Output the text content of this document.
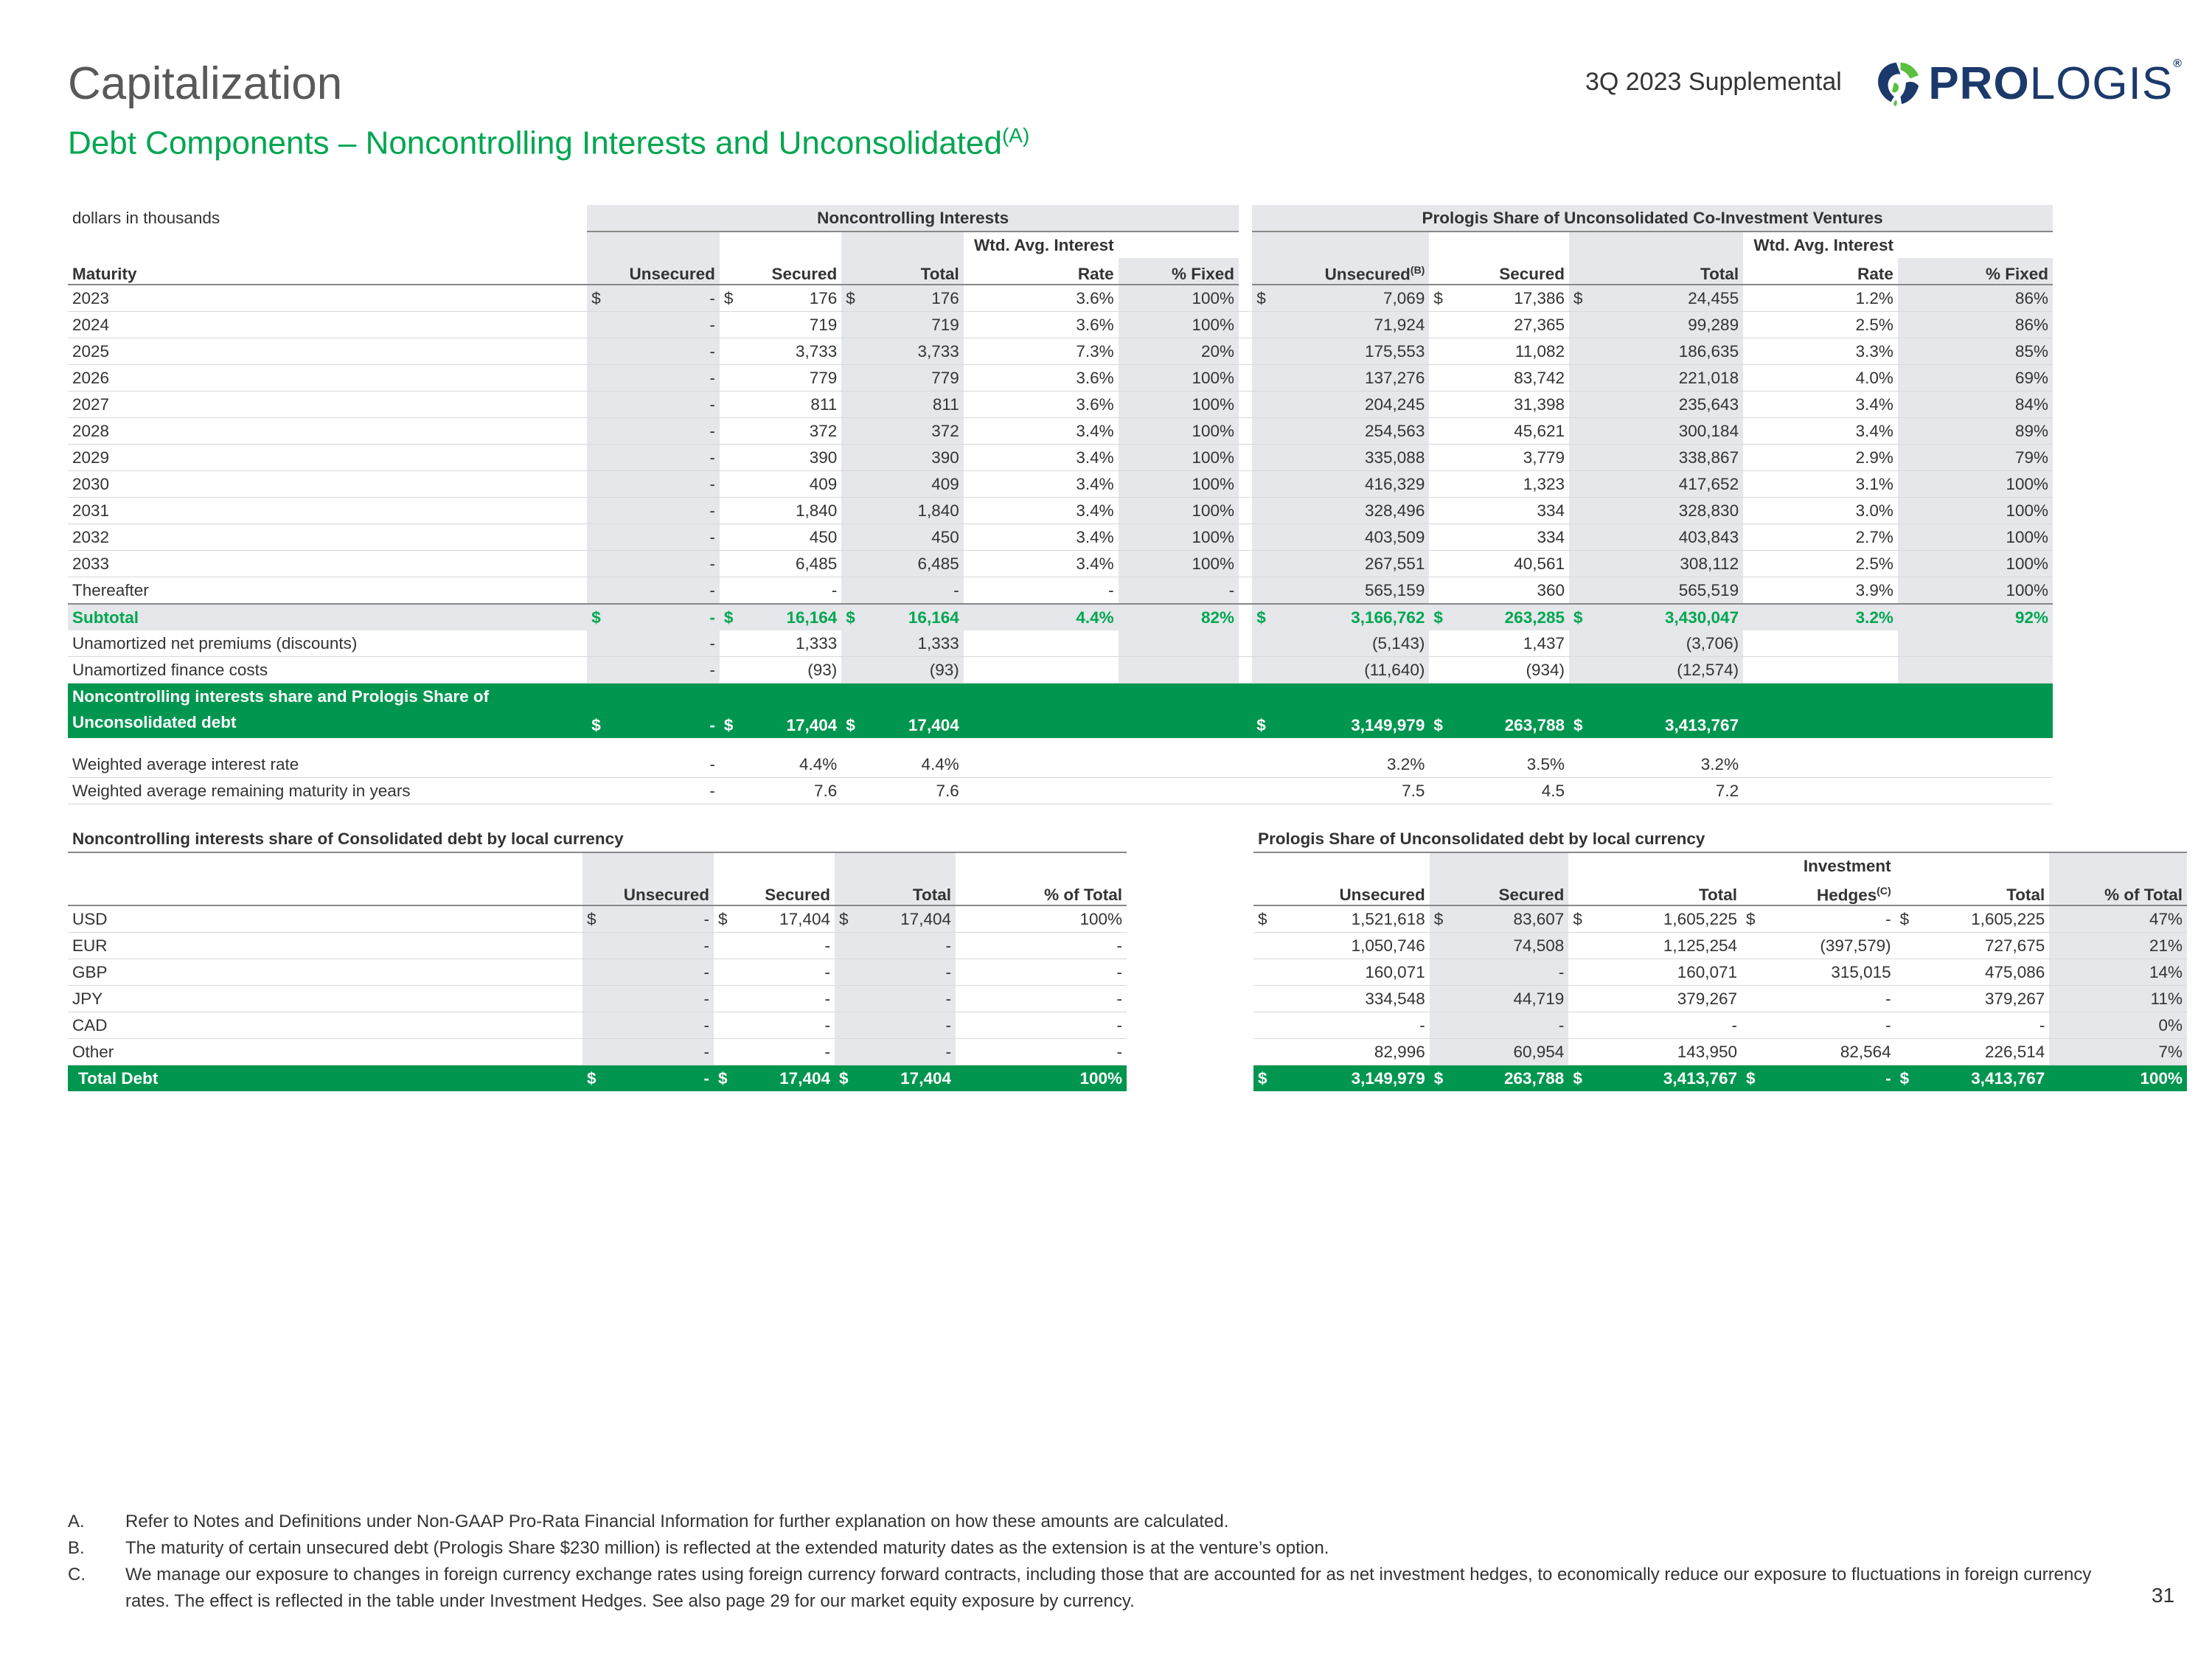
Capitalization
Debt Components – Noncontrolling Interests and Unconsolidated$^{(A)}$
3Q 2023 Supplemental PROLOGIS®
dollars in thousands	Noncontrolling Interests									Prologis Share of Unconsolidated Co-Investment Ventures							
							Wtd. Avg. Interest									Wtd. Avg. Interest	
Maturity	Unsecured		Secured		Total		Rate	% Fixed		Unsecured$^{(B)}$		Secured		Total		Rate	% Fixed
2023	$	-	$	176	$	176	3.6%	100%		$	7,069	$	17,386	$	24,455	1.2%	86%
2024		-		719		719	3.6%	100%			71,924		27,365		99,289	2.5%	86%
2025		-		3,733		3,733	7.3%	20%			175,553		11,082		186,635	3.3%	85%
2026		-		779		779	3.6%	100%			137,276		83,742		221,018	4.0%	69%
2027		-		811		811	3.6%	100%			204,245		31,398		235,643	3.4%	84%
2028		-		372		372	3.4%	100%			254,563		45,621		300,184	3.4%	89%
2029		-		390		390	3.4%	100%			335,088		3,779		338,867	2.9%	79%
2030		-		409		409	3.4%	100%			416,329		1,323		417,652	3.1%	100%
2031		-		1,840		1,840	3.4%	100%			328,496		334		328,830	3.0%	100%
2032		-		450		450	3.4%	100%			403,509		334		403,843	2.7%	100%
2033		-		6,485		6,485	3.4%	100%			267,551		40,561		308,112	2.5%	100%
Thereafter		-		-		-	-	-			565,159		360		565,519	3.9%	100%
Subtotal	$	-	$	16,164	$	16,164	4.4%	82%		$	3,166,762	$	263,285	$	3,430,047	3.2%	92%
Unamortized net premiums (discounts)		-		1,333		1,333					(5,143)		1,437		(3,706)		
Unamortized finance costs		-		(93)		(93)					(11,640)		(934)		(12,574)		
Noncontrolling interests share and Prologis Share of
Unconsolidated debt	$	-	$	17,404	$	17,404				$	3,149,979	$	263,788	$	3,413,767		

Weighted average interest rate		-		4.4%		4.4%					3.2%		3.5%		3.2%		
Weighted average remaining maturity in years		-		7.6		7.6					7.5		4.5		7.2		
Noncontrolling interests share of Consolidated debt by local currency							

	Unsecured		Secured		Total		% of Total
USD	$	-	$	17,404	$	17,404	100%
EUR		-		-		-	-
GBP		-		-		-	-
JPY		-		-		-	-
CAD		-		-		-	-
Other		-		-		-	-
Total Debt	$	-	$	17,404	$	17,404	100%
Prologis Share of Unconsolidated debt by local currency										
						Investment				
Unsecured		Secured		Total		Hedges$^{(C)}$		Total		% of Total
$	1,521,618	$	83,607	$	1,605,225	$	-	$	1,605,225	47%
	1,050,746		74,508		1,125,254		(397,579)		727,675	21%
	160,071		-		160,071		315,015		475,086	14%
	334,548		44,719		379,267		-		379,267	11%
	-		-		-		-		-	0%
	82,996		60,954		143,950		82,564		226,514	7%
$	3,149,979	$	263,788	$	3,413,767	$	-	$	3,413,767	100%
A.	Refer to Notes and Definitions under Non-GAAP Pro-Rata Financial Information for further explanation on how these amounts are calculated.
B.	The maturity of certain unsecured debt (Prologis Share $230 million) is reflected at the extended maturity dates as the extension is at the venture’s option.
C.	We manage our exposure to changes in foreign currency exchange rates using foreign currency forward contracts, including those that are accounted for as net investment hedges, to economically reduce our exposure to fluctuations in foreign currency rates. The effect is reflected in the table under Investment Hedges. See also page 29 for our market equity exposure by currency.	31
